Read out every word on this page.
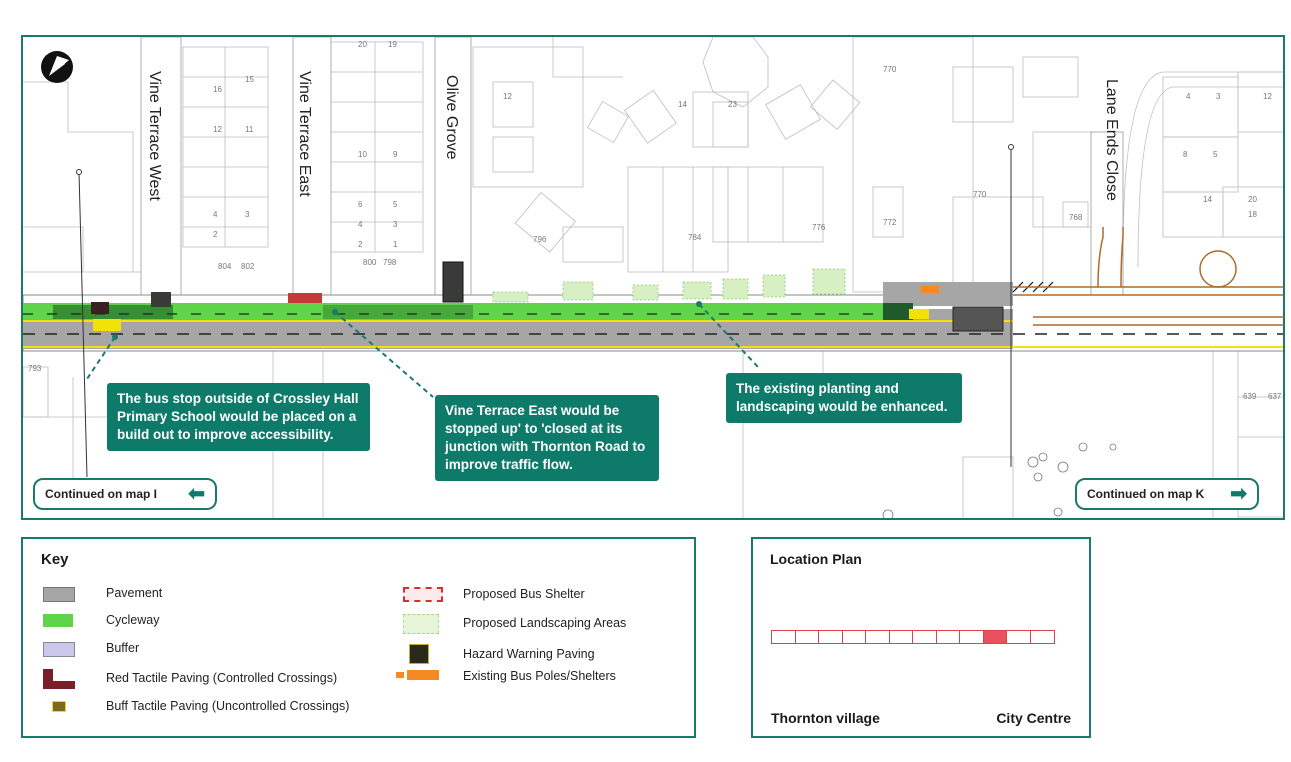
16
15
12	11
4	3
2
804 802
20	19
10	9
6	5
4	3
2	1
800 798
12
14	23
796	784
776
770
770
772
768
4	3
8	5
12
14
18
20
793
639 637
Vine Terrace West	Vine Terrace East	Olive Grove	Lane Ends Close
The bus stop outside of Crossley Hall Primary School would be placed on a build out to improve accessibility.
Vine Terrace East would be stopped up' to 'closed at its junction with Thornton Road to improve traffic flow.
The existing planting and landscaping would be enhanced.
Continued on map I ⬅	Continued on map K ➡
Key
Pavement
Cycleway
Buffer
Red Tactile Paving (Controlled Crossings)
Buff Tactile Paving (Uncontrolled Crossings)
Proposed Bus Shelter
Proposed Landscaping Areas
Hazard Warning Paving
Existing Bus Poles/Shelters
Location Plan
Thornton village	City Centre
